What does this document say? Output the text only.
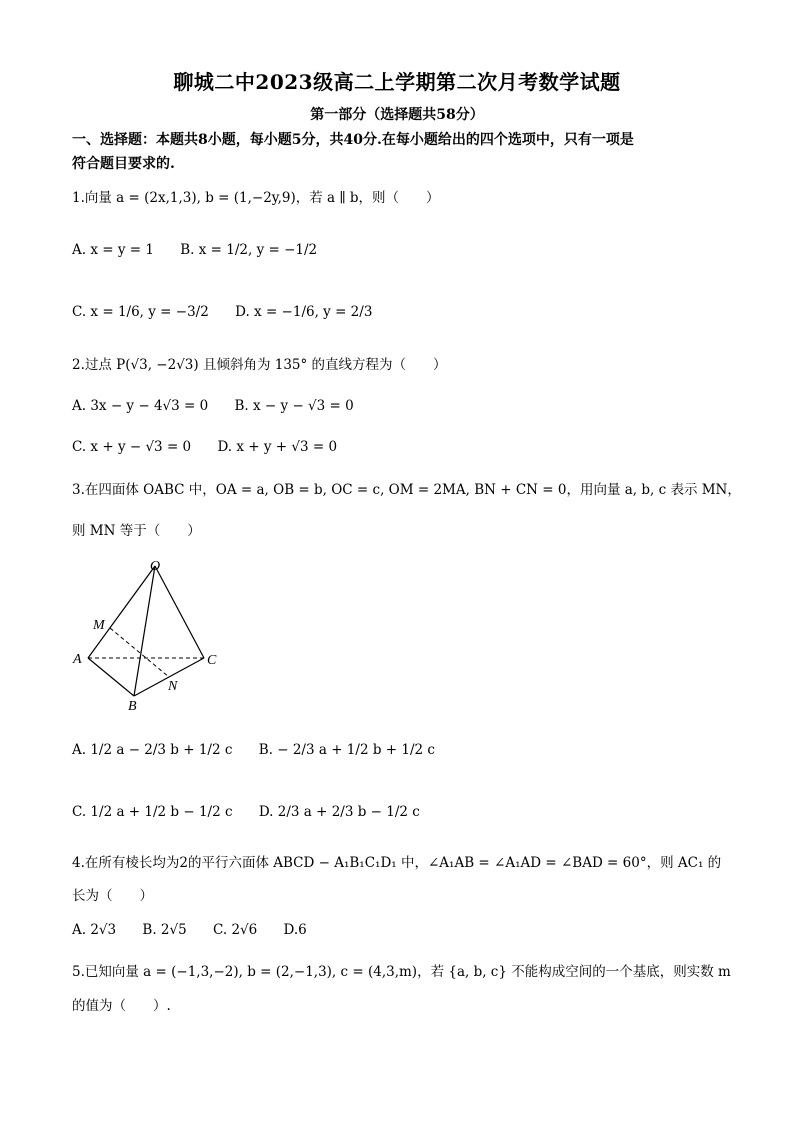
聊城二中2023级高二上学期第二次月考数学试题
第一部分（选择题共58分）
一、选择题：本题共8小题，每小题5分，共40分.在每小题给出的四个选项中，只有一项是
符合题目要求的.
1.向量 a = (2x,1,3), b = (1,−2y,9)，若 a ∥ b，则（　　）
A. x = y = 1 B. x = 1/2, y = −1/2
C. x = 1/6, y = −3/2 D. x = −1/6, y = 2/3
2.过点 P(√3, −2√3) 且倾斜角为 135° 的直线方程为（　　）
A. 3x − y − 4√3 = 0 B. x − y − √3 = 0
C. x + y − √3 = 0 D. x + y + √3 = 0
3.在四面体 OABC 中，OA = a, OB = b, OC = c, OM = 2MA, BN + CN = 0，用向量 a, b, c 表示 MN，
则 MN 等于（　　）
O
M
A	C
N
B
A. 1/2 a − 2/3 b + 1/2 c B. − 2/3 a + 1/2 b + 1/2 c
C. 1/2 a + 1/2 b − 1/2 c D. 2/3 a + 2/3 b − 1/2 c
4.在所有棱长均为2的平行六面体 ABCD − A₁B₁C₁D₁ 中，∠A₁AB = ∠A₁AD = ∠BAD = 60°，则 AC₁ 的
长为（　　）
A. 2√3 B. 2√5 C. 2√6 D.6
5.已知向量 a = (−1,3,−2), b = (2,−1,3), c = (4,3,m)，若 {a, b, c} 不能构成空间的一个基底，则实数 m
的值为（　　）.
